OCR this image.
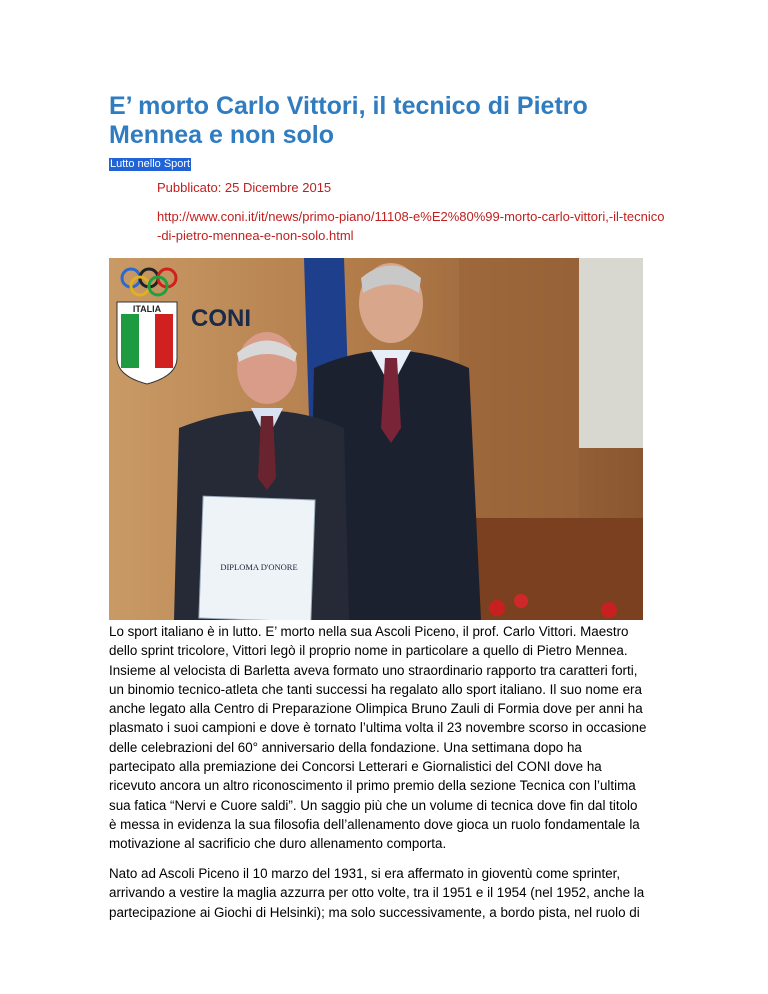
E’ morto Carlo Vittori, il tecnico di Pietro Mennea e non solo
Lutto nello Sport
Pubblicato: 25 Dicembre 2015
http://www.coni.it/it/news/primo-piano/11108-e%E2%80%99-morto-carlo-vittori,-il-tecnico-di-pietro-mennea-e-non-solo.html
ITALIA CONI
DIPLOMA D'ONORE
Lo sport italiano è in lutto. E’ morto nella sua Ascoli Piceno, il prof. Carlo Vittori. Maestro
dello sprint tricolore, Vittori legò il proprio nome in particolare a quello di Pietro Mennea.
Insieme al velocista di Barletta aveva formato uno straordinario rapporto tra caratteri forti,
un binomio tecnico-atleta che tanti successi ha regalato allo sport italiano. Il suo nome era
anche legato alla Centro di Preparazione Olimpica Bruno Zauli di Formia dove per anni ha
plasmato i suoi campioni e dove è tornato l’ultima volta il 23 novembre scorso in occasione
delle celebrazioni del 60° anniversario della fondazione. Una settimana dopo ha
partecipato alla premiazione dei Concorsi Letterari e Giornalistici del CONI dove ha
ricevuto ancora un altro riconoscimento il primo premio della sezione Tecnica con l’ultima
sua fatica “Nervi e Cuore saldi”. Un saggio più che un volume di tecnica dove fin dal titolo
è messa in evidenza la sua filosofia dell’allenamento dove gioca un ruolo fondamentale la
motivazione al sacrificio che duro allenamento comporta.
Nato ad Ascoli Piceno il 10 marzo del 1931, si era affermato in gioventù come sprinter,
arrivando a vestire la maglia azzurra per otto volte, tra il 1951 e il 1954 (nel 1952, anche la
partecipazione ai Giochi di Helsinki); ma solo successivamente, a bordo pista, nel ruolo di
